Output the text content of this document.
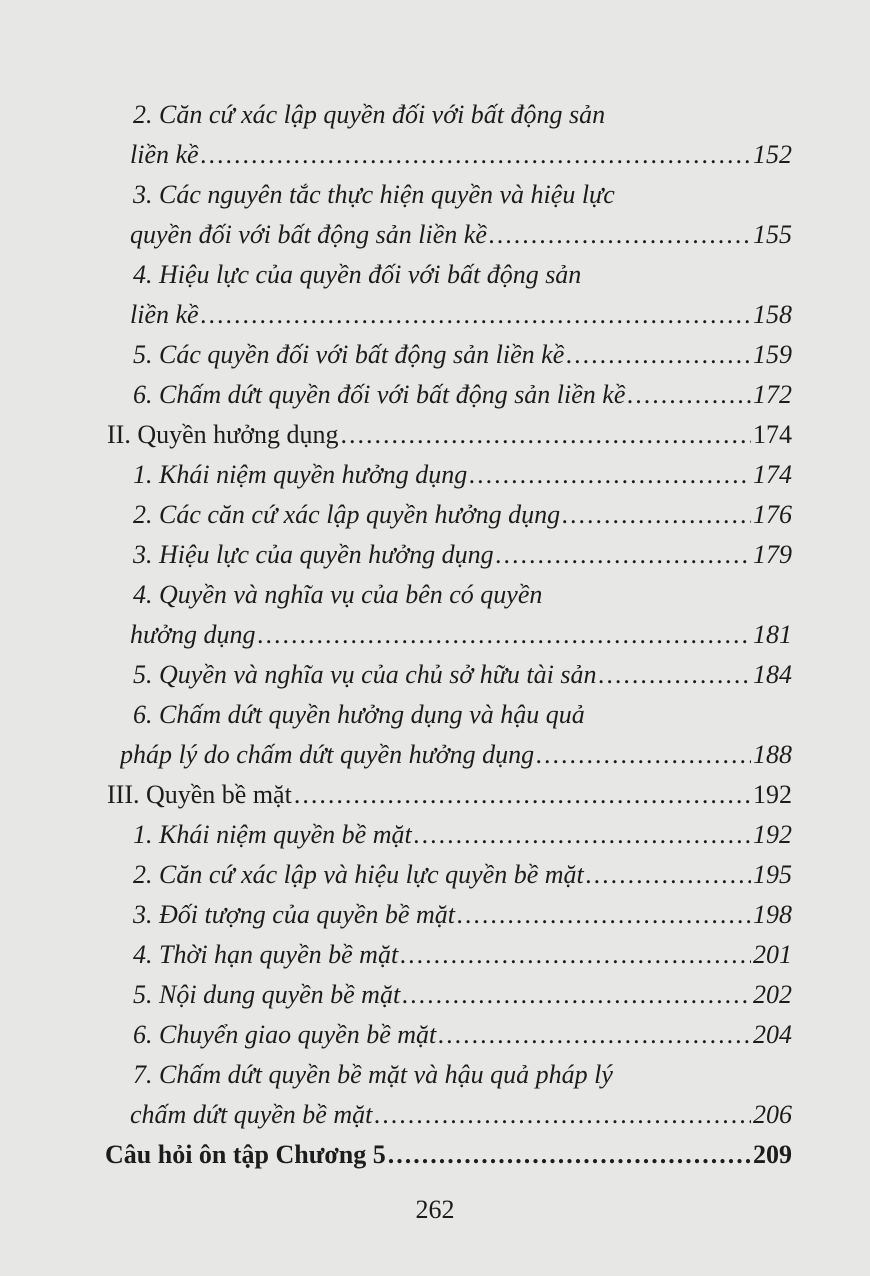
2. Căn cứ xác lập quyền đối với bất động sản
liền kề .....	152
3. Các nguyên tắc thực hiện quyền và hiệu lực
quyền đối với bất động sản liền kề .....	155
4. Hiệu lực của quyền đối với bất động sản
liền kề .....	158
5. Các quyền đối với bất động sản liền kề .....	159
6. Chấm dứt quyền đối với bất động sản liền kề .....	172
II. Quyền hưởng dụng .....	174
1. Khái niệm quyền hưởng dụng .....	174
2. Các căn cứ xác lập quyền hưởng dụng .....	176
3. Hiệu lực của quyền hưởng dụng .....	179
4. Quyền và nghĩa vụ của bên có quyền
hưởng dụng .....	181
5. Quyền và nghĩa vụ của chủ sở hữu tài sản .....	184
6. Chấm dứt quyền hưởng dụng và hậu quả
pháp lý do chấm dứt quyền hưởng dụng .....	188
III. Quyền bề mặt .....	192
1. Khái niệm quyền bề mặt .....	192
2. Căn cứ xác lập và hiệu lực quyền bề mặt .....	195
3. Đối tượng của quyền bề mặt .....	198
4. Thời hạn quyền bề mặt .....	201
5. Nội dung quyền bề mặt .....	202
6. Chuyển giao quyền bề mặt .....	204
7. Chấm dứt quyền bề mặt và hậu quả pháp lý
chấm dứt quyền bề mặt .....	206
Câu hỏi ôn tập Chương 5 .....	209
262
